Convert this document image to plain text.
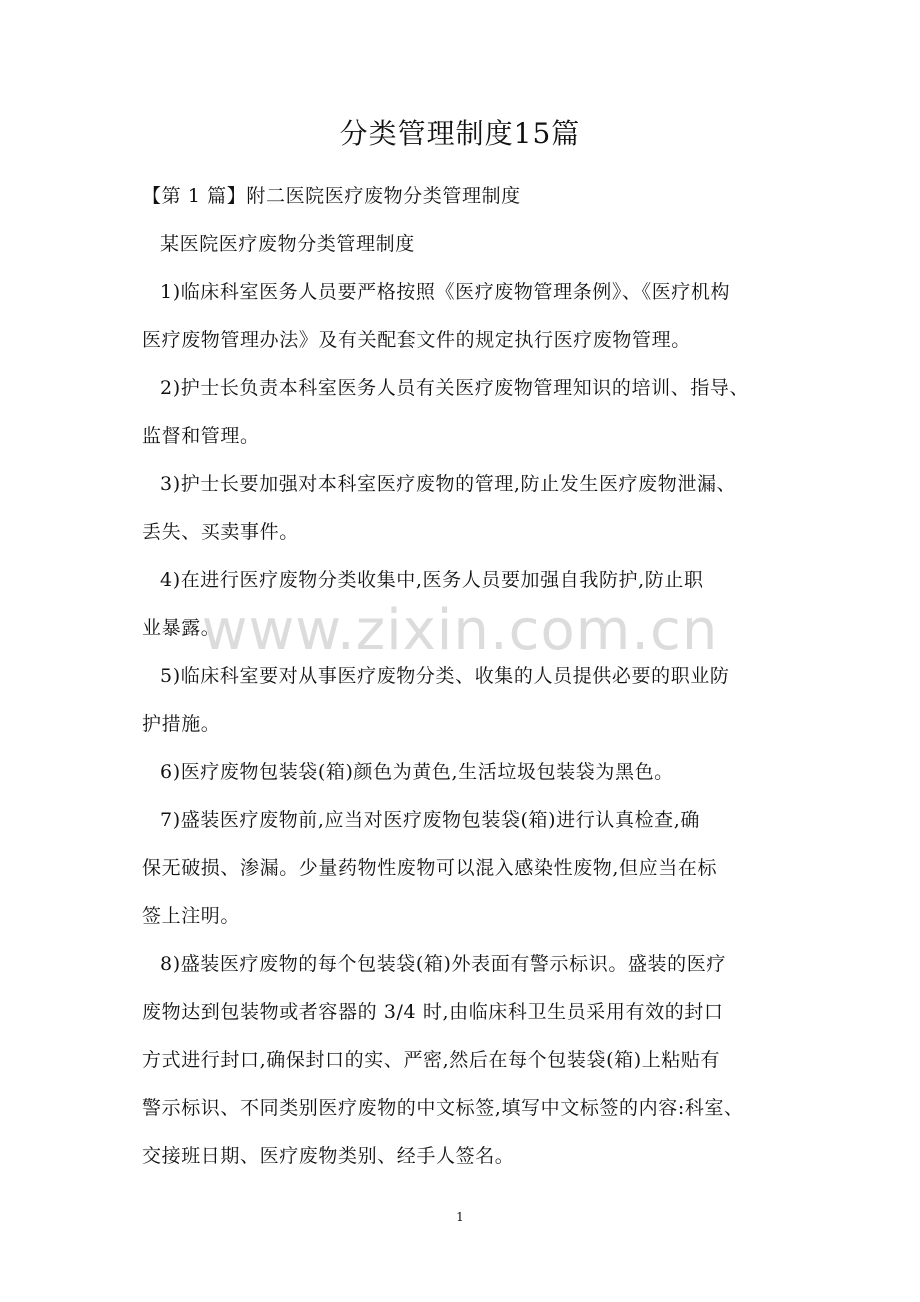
分类管理制度15篇
【第 1 篇】附二医院医疗废物分类管理制度
某医院医疗废物分类管理制度
1)临床科室医务人员要严格按照《医疗废物管理条例》、《医疗机构
医疗废物管理办法》及有关配套文件的规定执行医疗废物管理。
2)护士长负责本科室医务人员有关医疗废物管理知识的培训、指导、
监督和管理。
3)护士长要加强对本科室医疗废物的管理,防止发生医疗废物泄漏、
丢失、买卖事件。
4)在进行医疗废物分类收集中,医务人员要加强自我防护,防止职
业暴露。
5)临床科室要对从事医疗废物分类、收集的人员提供必要的职业防
护措施。
6)医疗废物包装袋(箱)颜色为黄色,生活垃圾包装袋为黑色。
7)盛装医疗废物前,应当对医疗废物包装袋(箱)进行认真检查,确
保无破损、渗漏。少量药物性废物可以混入感染性废物,但应当在标
签上注明。
8)盛装医疗废物的每个包装袋(箱)外表面有警示标识。盛装的医疗
废物达到包装物或者容器的 3/4 时,由临床科卫生员采用有效的封口
方式进行封口,确保封口的实、严密,然后在每个包装袋(箱)上粘贴有
警示标识、不同类别医疗废物的中文标签,填写中文标签的内容:科室、
交接班日期、医疗废物类别、经手人签名。
www.zixin.com.cn
1
